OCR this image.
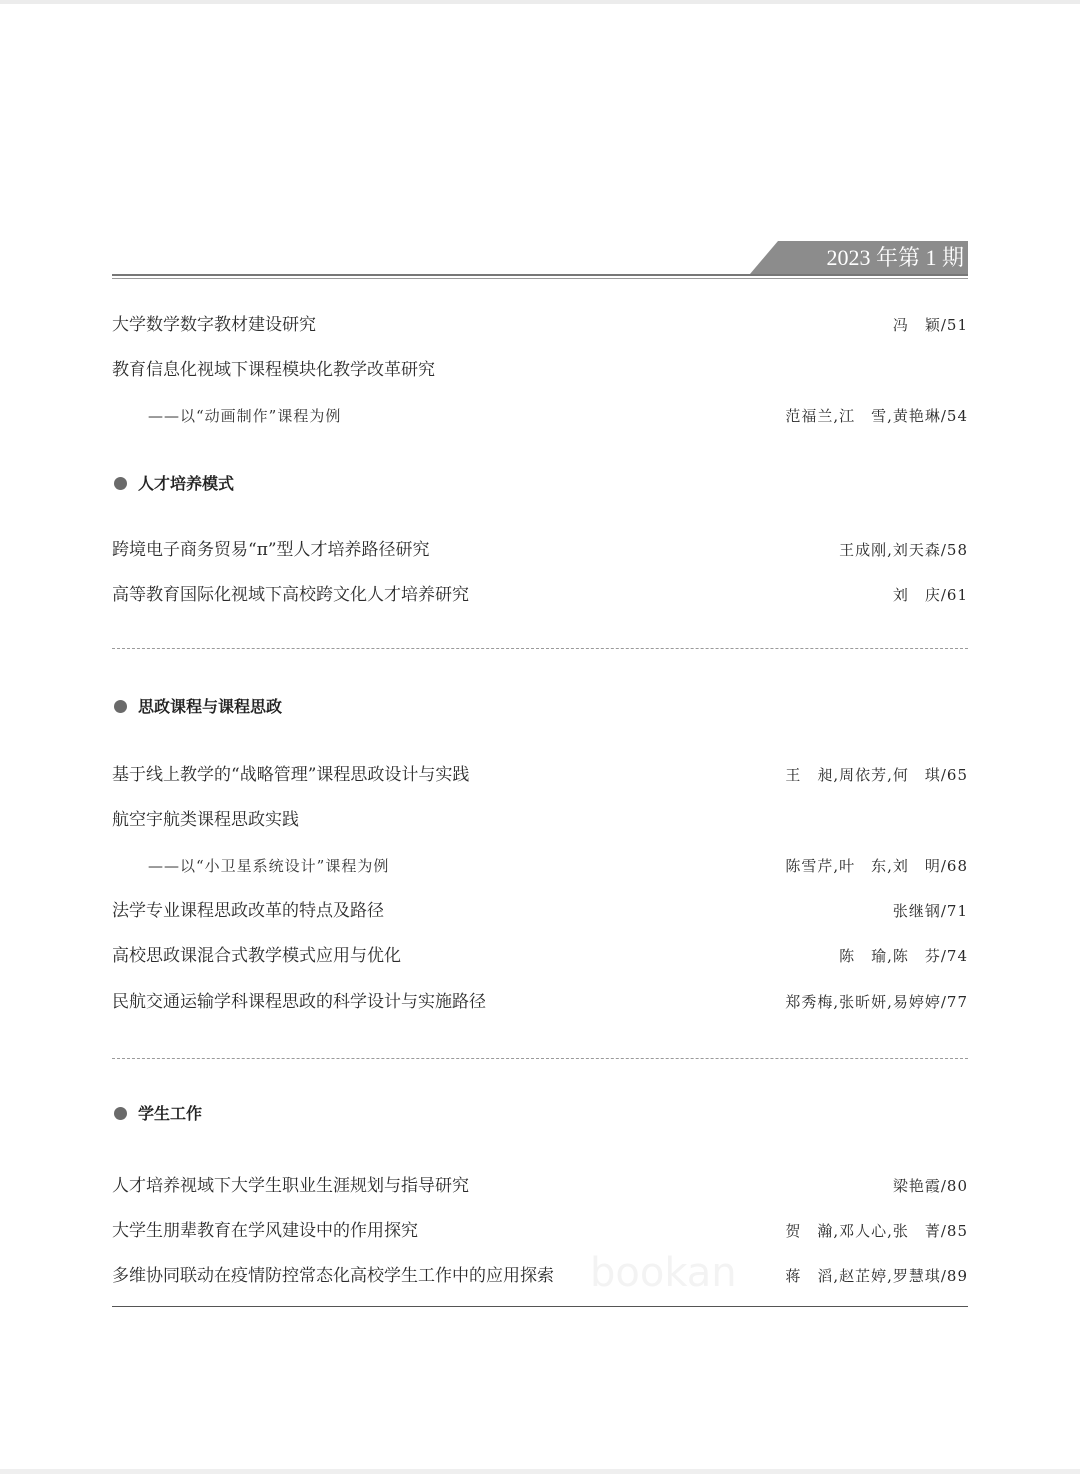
2023 年第 1 期
大学数学数字教材建设研究	冯　颖/51
教育信息化视域下课程模块化教学改革研究
——以“动画制作”课程为例	范福兰,江　雪,黄艳琳/54
人才培养模式
跨境电子商务贸易“π”型人才培养路径研究	王成刚,刘天森/58
高等教育国际化视域下高校跨文化人才培养研究	刘　庆/61
思政课程与课程思政
基于线上教学的“战略管理”课程思政设计与实践	王　昶,周依芳,何　琪/65
航空宇航类课程思政实践
——以“小卫星系统设计”课程为例	陈雪芹,叶　东,刘　明/68
法学专业课程思政改革的特点及路径	张继钢/71
高校思政课混合式教学模式应用与优化	陈　瑜,陈　芬/74
民航交通运输学科课程思政的科学设计与实施路径	郑秀梅,张昕妍,易婷婷/77
学生工作
人才培养视域下大学生职业生涯规划与指导研究	梁艳霞/80
大学生朋辈教育在学风建设中的作用探究	贺　瀚,邓人心,张　菁/85
多维协同联动在疫情防控常态化高校学生工作中的应用探索	蒋　滔,赵芷婷,罗慧琪/89
bookan
